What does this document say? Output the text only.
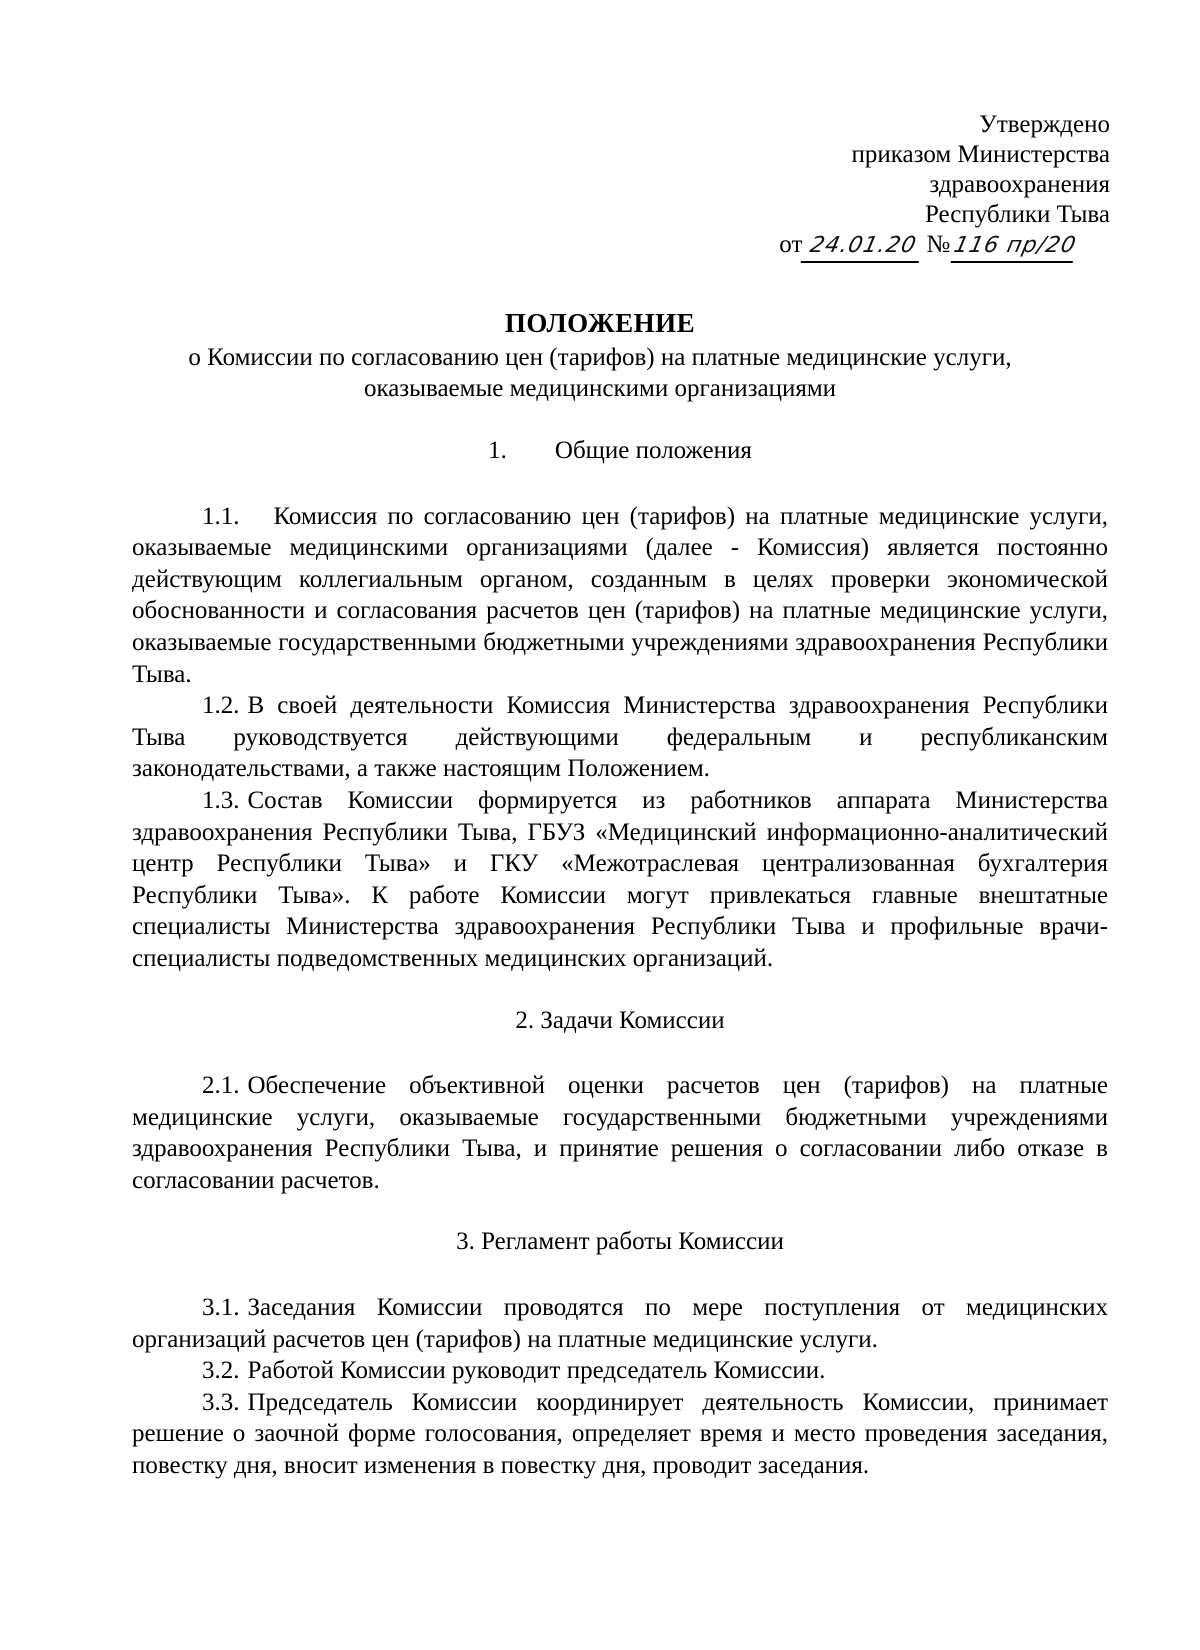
Утверждено
приказом Министерства
здравоохранения
Республики Тыва
от 24.01.20 №116 пр/20
ПОЛОЖЕНИЕ
о Комиссии по согласованию цен (тарифов) на платные медицинские услуги,
оказываемые медицинскими организациями
1. Общие положения

1.1. Комиссия по согласованию цен (тарифов) на платные медицинские услуги, оказываемые медицинскими организациями (далее - Комиссия) является постоянно действующим коллегиальным органом, созданным в целях проверки экономической обоснованности и согласования расчетов цен (тарифов) на платные медицинские услуги, оказываемые государственными бюджетными учреждениями здравоохранения Республики Тыва.

1.2. В своей деятельности Комиссия Министерства здравоохранения Республики Тыва руководствуется действующими федеральным и республиканским законодательствами, а также настоящим Положением.

1.3. Состав Комиссии формируется из работников аппарата Министерства здравоохранения Республики Тыва, ГБУЗ «Медицинский информационно-аналитический центр Республики Тыва» и ГКУ «Межотраслевая централизованная бухгалтерия Республики Тыва». К работе Комиссии могут привлекаться главные внештатные специалисты Министерства здравоохранения Республики Тыва и профильные врачи-специалисты подведомственных медицинских организаций.

2. Задачи Комиссии

2.1. Обеспечение объективной оценки расчетов цен (тарифов) на платные медицинские услуги, оказываемые государственными бюджетными учреждениями здравоохранения Республики Тыва, и принятие решения о согласовании либо отказе в согласовании расчетов.

3. Регламент работы Комиссии

3.1. Заседания Комиссии проводятся по мере поступления от медицинских организаций расчетов цен (тарифов) на платные медицинские услуги.

3.2. Работой Комиссии руководит председатель Комиссии.

3.3. Председатель Комиссии координирует деятельность Комиссии, принимает решение о заочной форме голосования, определяет время и место проведения заседания, повестку дня, вносит изменения в повестку дня, проводит заседания.
